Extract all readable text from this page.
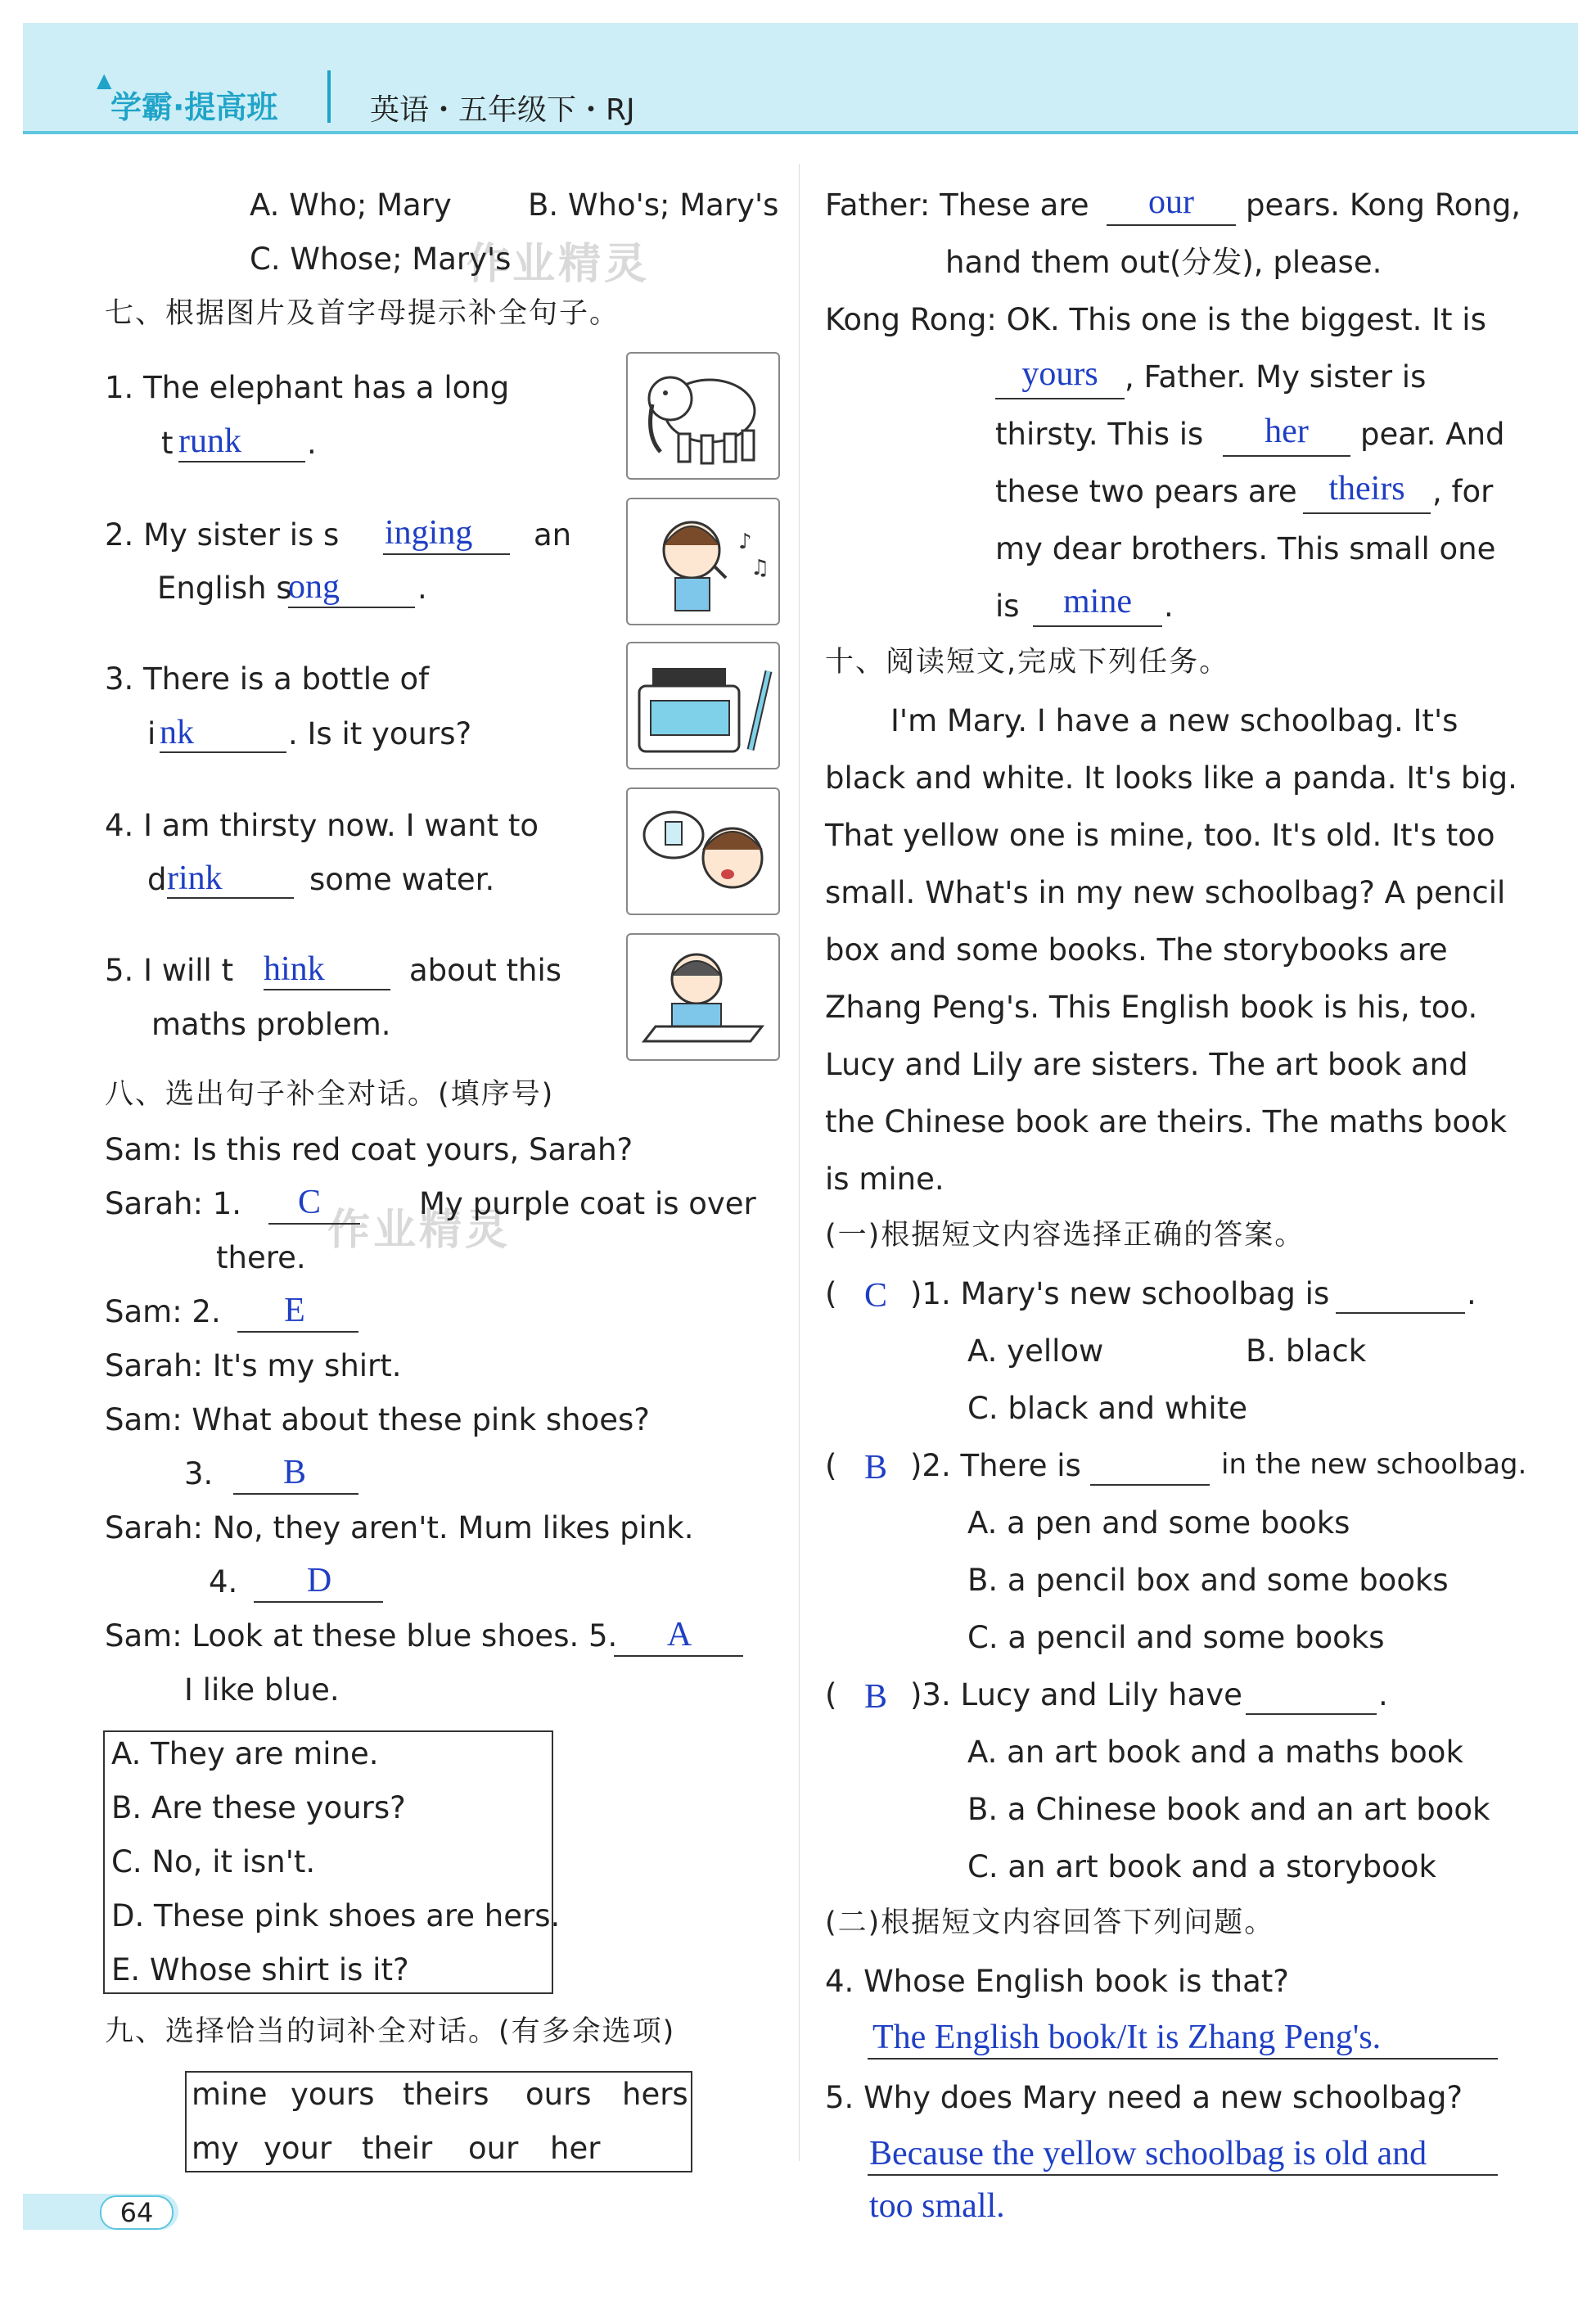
学霸·提高班
▲
英语・五年级下・RJ
作业精灵
作业精灵
A. Who; Mary	B. Who's; Mary's
C. Whose; Mary's
七、根据图片及首字母提示补全句子。
1. The elephant has a long
t runk	.
2. My sister is s inging	an
English s
ong	.
♪
♫
3. There is a bottle of
i nk	. Is it yours?
4. I am thirsty now. I want to
d rink	some water.
5. I will t hink	about this
maths problem.
八、选出句子补全对话。(填序号)
Sam: Is this red coat yours, Sarah?
Sarah: 1.	C	My purple coat is over
there.
Sam: 2.	E
Sarah: It's my shirt.
Sam: What about these pink shoes?
3.	B
Sarah: No, they aren't. Mum likes pink.
4.	D
Sam: Look at these blue shoes. 5.	A
I like blue.
A. They are mine.
B. Are these yours?
C. No, it isn't.
D. These pink shoes are hers.
E. Whose shirt is it?
九、选择恰当的词补全对话。(有多余选项)
mine yours theirs ours hers
my your their our her
64
Father: These are	our	pears. Kong Rong,
hand them out(分发), please.
Kong Rong: OK. This one is the biggest. It is
yours , Father. My sister is
thirsty. This is	her	pear. And
these two pears are theirs , for
my dear brothers. This small one
is	mine	.
十、阅读短文,完成下列任务。
I'm Mary. I have a new schoolbag. It's
black and white. It looks like a panda. It's big.
That yellow one is mine, too. It's old. It's too
small. What's in my new schoolbag? A pencil
box and some books. The storybooks are
Zhang Peng's. This English book is his, too.
Lucy and Lily are sisters. The art book and
the Chinese book are theirs. The maths book
is mine.
(一)根据短文内容选择正确的答案。
( C )1. Mary's new schoolbag is	.
A. yellow	B. black
C. black and white
( B )2. There is	in the new schoolbag.
A. a pen and some books
B. a pencil box and some books
C. a pencil and some books
( B )3. Lucy and Lily have	.
A. an art book and a maths book
B. a Chinese book and an art book
C. an art book and a storybook
(二)根据短文内容回答下列问题。
4. Whose English book is that?
The English book/It is Zhang Peng's.
5. Why does Mary need a new schoolbag?
Because the yellow schoolbag is old and
too small.
